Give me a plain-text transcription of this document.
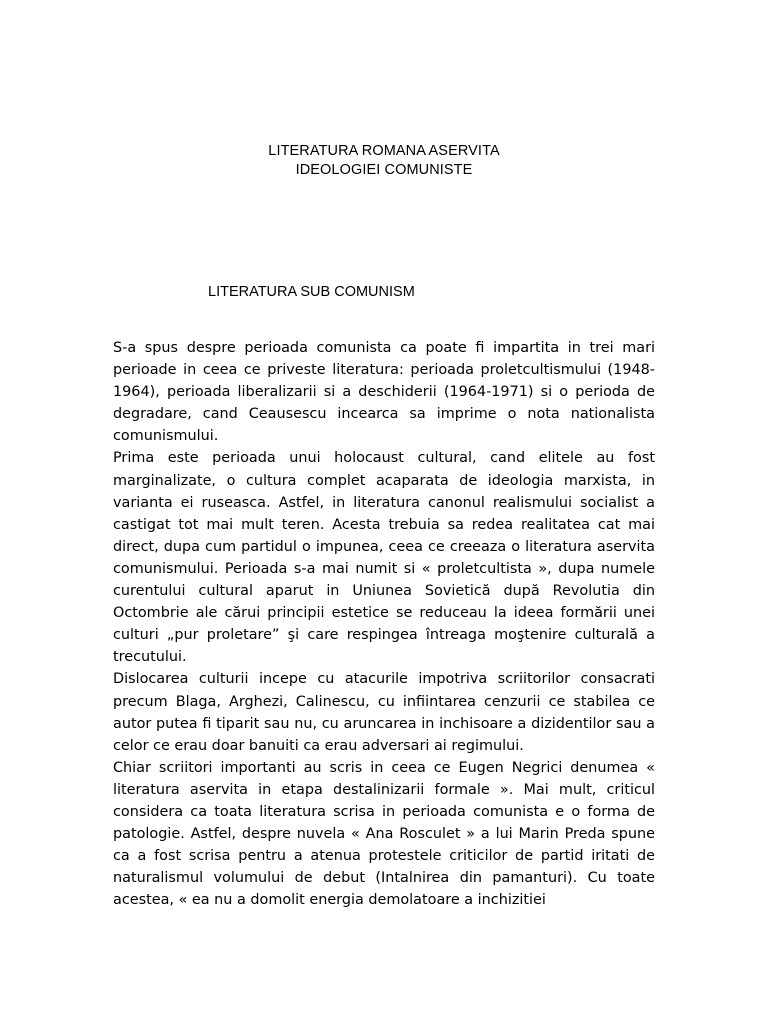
LITERATURA ROMANA ASERVITA
IDEOLOGIEI COMUNISTE
LITERATURA SUB COMUNISM

S-a spus despre perioada comunista ca poate fi impartita in trei mari perioade in ceea ce priveste literatura: perioada proletcultismului (1948-1964), perioada liberalizarii si a deschiderii (1964-1971) si o perioda de degradare, cand Ceausescu incearca sa imprime o nota nationalista comunismului.

Prima este perioada unui holocaust cultural, cand elitele au fost marginalizate, o cultura complet acaparata de ideologia marxista, in varianta ei ruseasca. Astfel, in literatura canonul realismului socialist a castigat tot mai mult teren. Acesta trebuia sa redea realitatea cat mai direct, dupa cum partidul o impunea, ceea ce creeaza o literatura aservita comunismului. Perioada s-a mai numit si « proletcultista », dupa numele curentului cultural aparut in Uniunea Sovietică după Revolutia din Octombrie ale cărui principii estetice se reduceau la ideea formării unei culturi „pur proletare” şi care respingea întreaga moştenire culturală a trecutului.

Dislocarea culturii incepe cu atacurile impotriva scriitorilor consacrati precum Blaga, Arghezi, Calinescu, cu infiintarea cenzurii ce stabilea ce autor putea fi tiparit sau nu, cu aruncarea in inchisoare a dizidentilor sau a celor ce erau doar banuiti ca erau adversari ai regimului.

Chiar scriitori importanti au scris in ceea ce Eugen Negrici denumea « literatura aservita in etapa destalinizarii formale ». Mai mult, criticul considera ca toata literatura scrisa in perioada comunista e o forma de patologie. Astfel, despre nuvela « Ana Rosculet » a lui Marin Preda spune ca a fost scrisa pentru a atenua protestele criticilor de partid iritati de naturalismul volumului de debut (Intalnirea din pamanturi). Cu toate acestea, « ea nu a domolit energia demolatoare a inchizitiei
